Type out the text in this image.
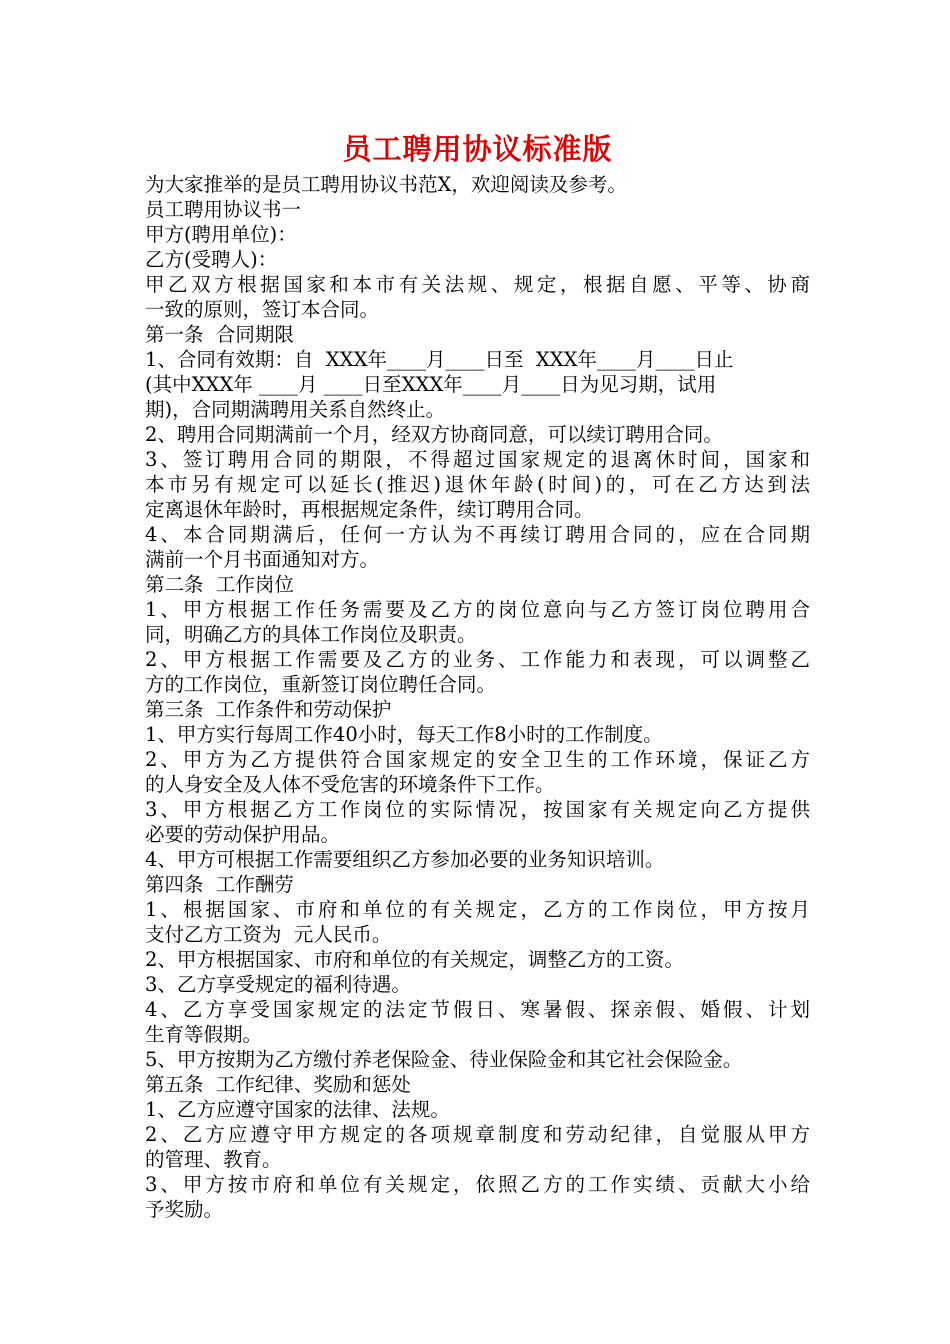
员工聘用协议标准版

为大家推举的是员工聘用协议书范X，欢迎阅读及参考。

员工聘用协议书一

甲方(聘用单位)：

乙方(受聘人)：

甲乙双方根据国家和本市有关法规、规定，根据自愿、平等、协商

一致的原则，签订本合同。

第一条  合同期限

1、合同有效期：自  XXX年____月____日至  XXX年____月____日止

(其中XXX年 ____月 ____日至XXX年____月____日为见习期，试用

期)，合同期满聘用关系自然终止。

2、聘用合同期满前一个月，经双方协商同意，可以续订聘用合同。

3、签订聘用合同的期限，不得超过国家规定的退离休时间，国家和

本市另有规定可以延长(推迟)退休年龄(时间)的，可在乙方达到法

定离退休年龄时，再根据规定条件，续订聘用合同。

4、本合同期满后，任何一方认为不再续订聘用合同的，应在合同期

满前一个月书面通知对方。

第二条  工作岗位

1、甲方根据工作任务需要及乙方的岗位意向与乙方签订岗位聘用合

同，明确乙方的具体工作岗位及职责。

2、甲方根据工作需要及乙方的业务、工作能力和表现，可以调整乙

方的工作岗位，重新签订岗位聘任合同。

第三条  工作条件和劳动保护

1、甲方实行每周工作40小时，每天工作8小时的工作制度。

2、甲方为乙方提供符合国家规定的安全卫生的工作环境，保证乙方

的人身安全及人体不受危害的环境条件下工作。

3、甲方根据乙方工作岗位的实际情况，按国家有关规定向乙方提供

必要的劳动保护用品。

4、甲方可根据工作需要组织乙方参加必要的业务知识培训。

第四条  工作酬劳

1、根据国家、市府和单位的有关规定，乙方的工作岗位，甲方按月

支付乙方工资为  元人民币。

2、甲方根据国家、市府和单位的有关规定，调整乙方的工资。

3、乙方享受规定的福利待遇。

4、乙方享受国家规定的法定节假日、寒暑假、探亲假、婚假、计划

生育等假期。

5、甲方按期为乙方缴付养老保险金、待业保险金和其它社会保险金。

第五条  工作纪律、奖励和惩处

1、乙方应遵守国家的法律、法规。

2、乙方应遵守甲方规定的各项规章制度和劳动纪律，自觉服从甲方

的管理、教育。

3、甲方按市府和单位有关规定，依照乙方的工作实绩、贡献大小给

予奖励。
